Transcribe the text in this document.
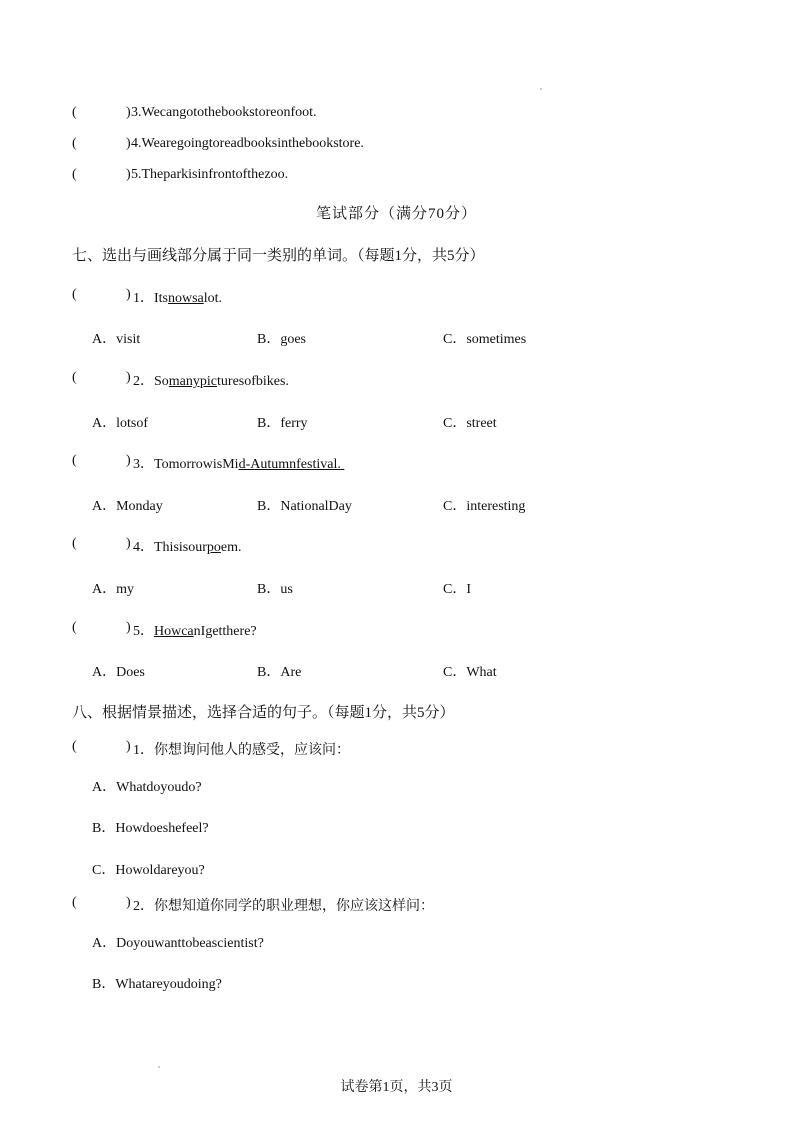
(	) 3.Wecangotothebookstoreonfoot.
(	) 4.Wearegoingtoreadbooksinthebookstore.
(	) 5.Theparkisinfrontofthezoo.
笔试部分（满分70分）
七、选出与画线部分属于同一类别的单词。（每题1分，共5分）
(	) 1．Itsnowsalot.
A．visit	B．goes	C．sometimes
(	) 2．Somanypicturesofbikes.
A．lotsof	B．ferry	C．street
(	) 3．TomorrowisMid-Autumnfestival.
A．Monday	B．NationalDay	C．interesting
(	) 4．Thisisourpoem.
A．my	B．us	C．I
(	) 5．HowcanIgetthere?
A．Does	B．Are	C．What
八、根据情景描述，选择合适的句子。（每题1分，共5分）
(	) 1．你想询问他人的感受，应该问：
A．Whatdoyoudo?
B．Howdoeshefeel?
C．Howoldareyou?
(	) 2．你想知道你同学的职业理想，你应该这样问：
A．Doyouwanttobeascientist?
B．Whatareyoudoing?
试卷第1页，共3页
